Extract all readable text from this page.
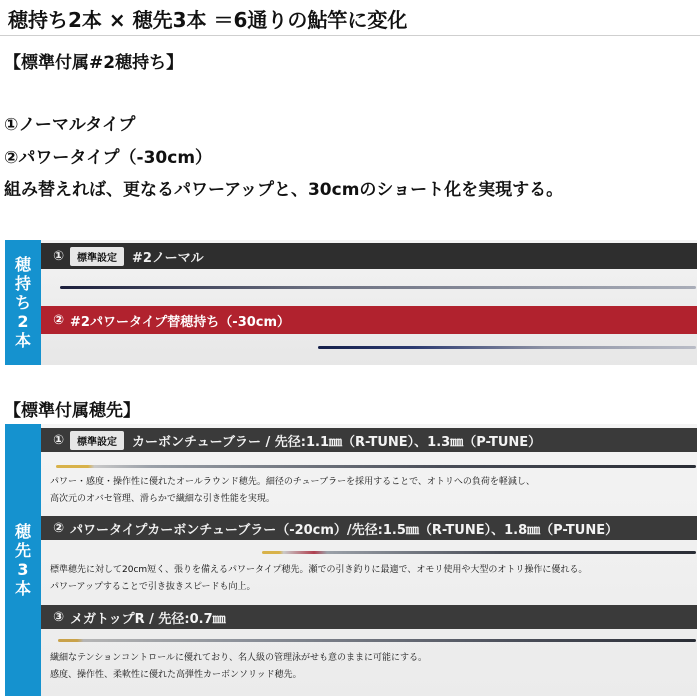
穂持ち2本 × 穂先3本 ＝6通りの鮎竿に変化
【標準付属#2穂持ち】
①ノーマルタイプ
②パワータイプ（-30cm）
組み替えれば、更なるパワーアップと、30cmのショート化を実現する。
穂
持
ち
2
本
①	標準設定	#2ノーマル
② #2パワータイプ替穂持ち（-30cm）
【標準付属穂先】
穂
先
3
本
①	標準設定	カーボンチューブラー / 先径:1.1㎜（R-TUNE）、1.3㎜（P-TUNE）
パワー・感度・操作性に優れたオールラウンド穂先。細径のチューブラーを採用することで、オトリへの負荷を軽減し、
高次元のオバセ管理、滑らかで繊細な引き性能を実現。
② パワータイプカーボンチューブラー（-20cm）/先径:1.5㎜（R-TUNE）、1.8㎜（P-TUNE）
標準穂先に対して20cm短く、張りを備えるパワータイプ穂先。瀬での引き釣りに最適で、オモリ使用や大型のオトリ操作に優れる。
パワーアップすることで引き抜きスピードも向上。
③ メガトップR / 先径:0.7㎜
繊細なテンションコントロールに優れており、名人級の管理泳がせも意のままに可能にする。
感度、操作性、柔軟性に優れた高弾性カーボンソリッド穂先。
